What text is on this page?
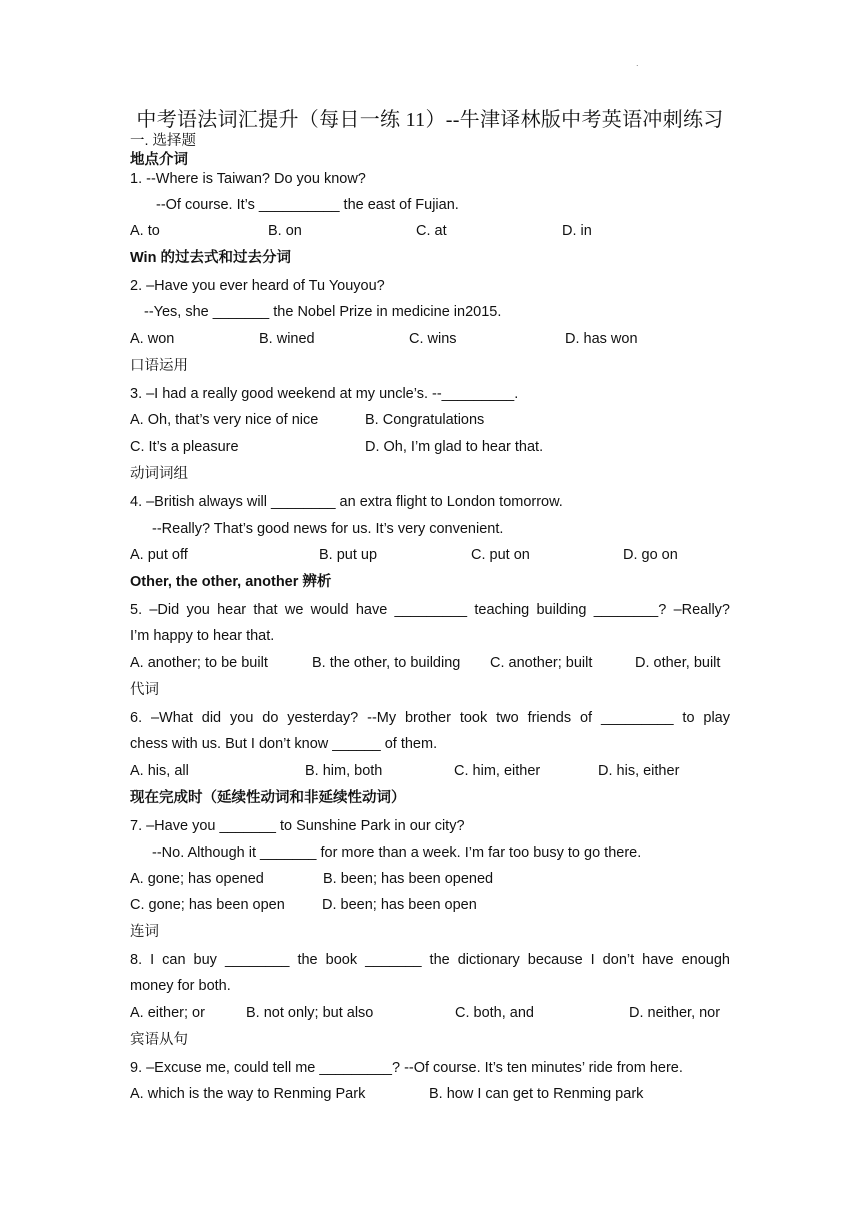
.
中考语法词汇提升（每日一练 11）--牛津译林版中考英语冲刺练习
一. 选择题
地点介词
1. --Where is Taiwan? Do you know?
--Of course. It’s __________ the east of Fujian.
A. to	B. on	C. at	D. in
Win 的过去式和过去分词
2. –Have you ever heard of Tu Youyou?
--Yes, she _______ the Nobel Prize in medicine in2015.
A. won	B. wined	C. wins	D. has won
口语运用
3. –I had a really good weekend at my uncle’s. --_________.
A. Oh, that’s very nice of nice	B. Congratulations
C. It’s a pleasure	D. Oh, I’m glad to hear that.
动词词组
4. –British always will ________ an extra flight to London tomorrow.
--Really? That’s good news for us. It’s very convenient.
A. put off	B. put up	C. put on	D. go on
Other, the other, another 辨析
5. –Did you hear that we would have _________ teaching building ________? –Really?
I’m happy to hear that.
A. another; to be built	B. the other, to building C. another; built	D. other, built
代词
6. –What did you do yesterday? --My brother took two friends of _________ to play
chess with us. But I don’t know ______ of them.
A. his, all	B. him, both	C. him, either	D. his, either
现在完成时（延续性动词和非延续性动词）
7. –Have you _______ to Sunshine Park in our city?
--No. Although it _______ for more than a week. I’m far too busy to go there.
A. gone; has opened	B. been; has been opened
C. gone; has been open	D. been; has been open
连词
8. I can buy ________ the book _______ the dictionary because I don’t have enough
money for both.
A. either; or	B. not only; but also	C. both, and	D. neither, nor
宾语从句
9. –Excuse me, could tell me _________? --Of course. It’s ten minutes’ ride from here.
A. which is the way to Renming Park	B. how I can get to Renming park
